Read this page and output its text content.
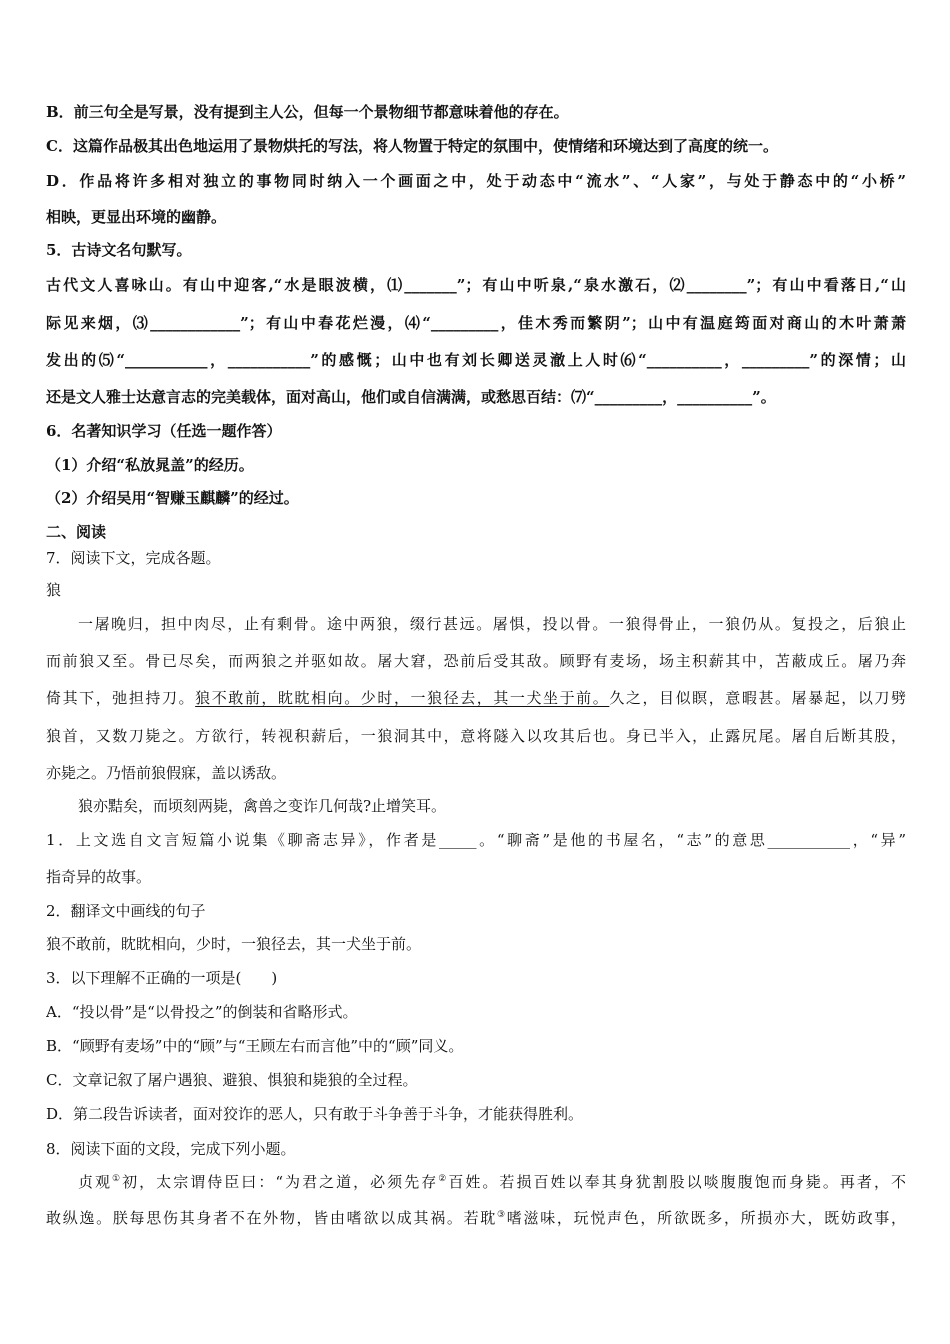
B．前三句全是写景，没有提到主人公，但每一个景物细节都意味着他的存在。
C．这篇作品极其出色地运用了景物烘托的写法，将人物置于特定的氛围中，使情绪和环境达到了高度的统一。
D．作品将许多相对独立的事物同时纳入一个画面之中，处于动态中“流水”、“人家”，与处于静态中的“小桥”
相映，更显出环境的幽静。
5．古诗文名句默写。
古代文人喜咏山。有山中迎客,“水是眼波横，⑴_______”；有山中听泉,“泉水激石，⑵________”；有山中看落日,“山
际见来烟，⑶____________”；有山中春花烂漫，⑷“_________，佳木秀而繁阴”；山中有温庭筠面对商山的木叶萧萧
发出的⑸“___________，___________”的感慨；山中也有刘长卿送灵澈上人时⑹“__________，_________”的深情；山
还是文人雅士达意言志的完美载体，面对高山，他们或自信满满，或愁思百结：⑺“_________，__________”。
6．名著知识学习（任选一题作答）
（1）介绍“私放晁盖”的经历。
（2）介绍吴用“智赚玉麒麟”的经过。
二、阅读
7．阅读下文，完成各题。
狼
一屠晚归，担中肉尽，止有剩骨。途中两狼，缀行甚远。屠惧，投以骨。一狼得骨止，一狼仍从。复投之，后狼止
而前狼又至。骨已尽矣，而两狼之并驱如故。屠大窘，恐前后受其敌。顾野有麦场，场主积薪其中，苫蔽成丘。屠乃奔
倚其下，弛担持刀。狼不敢前，眈眈相向。少时，一狼径去，其一犬坐于前。久之，目似瞑，意暇甚。屠暴起，以刀劈
狼首，又数刀毙之。方欲行，转视积薪后，一狼洞其中，意将隧入以攻其后也。身已半入，止露尻尾。屠自后断其股，
亦毙之。乃悟前狼假寐，盖以诱敌。
狼亦黠矣，而顷刻两毙，禽兽之变诈几何哉?止增笑耳。
1．上文选自文言短篇小说集《聊斋志异》，作者是_____。“聊斋”是他的书屋名，“志”的意思___________，“异”
指奇异的故事。
2．翻译文中画线的句子
狼不敢前，眈眈相向，少时，一狼径去，其一犬坐于前。
3．以下理解不正确的一项是(　　)
A．“投以骨”是“以骨投之”的倒装和省略形式。
B．“顾野有麦场”中的“顾”与“王顾左右而言他”中的“顾”同义。
C．文章记叙了屠户遇狼、避狼、惧狼和毙狼的全过程。
D．第二段告诉读者，面对狡诈的恶人，只有敢于斗争善于斗争，才能获得胜利。
8．阅读下面的文段，完成下列小题。
贞观①初，太宗谓侍臣曰：“为君之道，必须先存②百姓。若损百姓以奉其身犹割股以啖腹腹饱而身毙。再者，不
敢纵逸。朕每思伤其身者不在外物，皆由嗜欲以成其祸。若耽③嗜滋味，玩悦声色，所欲既多，所损亦大，既妨政事，
